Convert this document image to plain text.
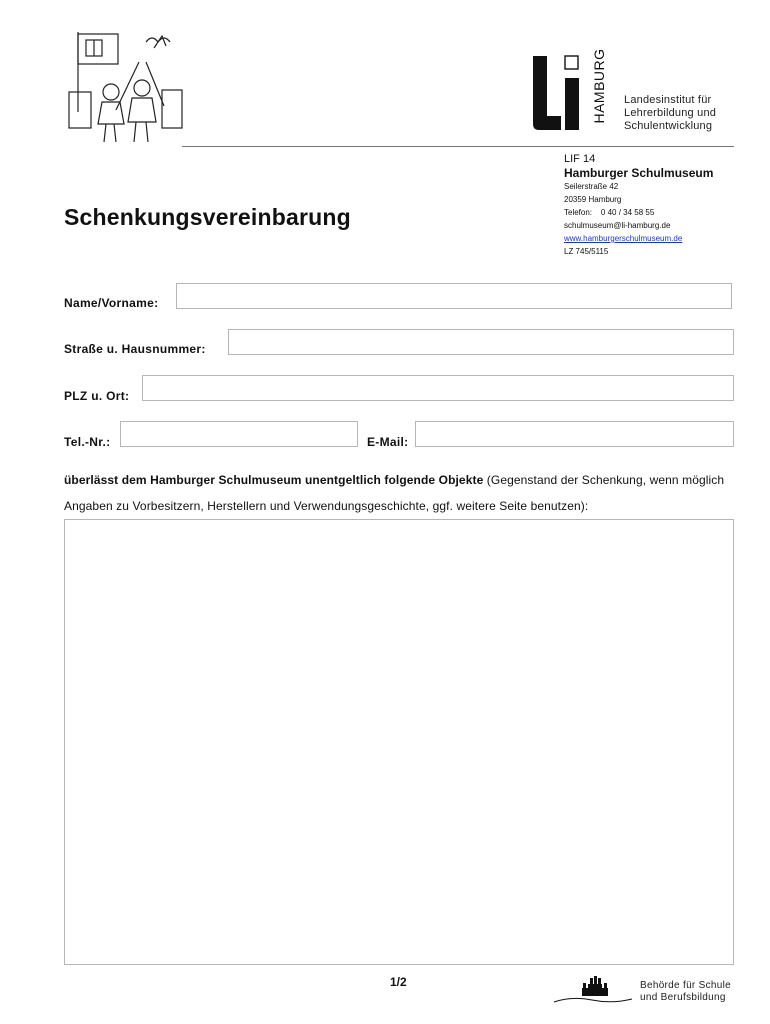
HAMBURG Landesinstitut für
Lehrerbildung und
Schulentwicklung
LIF 14
Hamburger Schulmuseum
Seilerstraße 42
20359 Hamburg
Telefon: 0 40 / 34 58 55
schulmuseum@li-hamburg.de
www.hamburgerschulmuseum.de
LZ 745/5115
Schenkungsvereinbarung
Name/Vorname:
Straße u. Hausnummer:
PLZ u. Ort:
Tel.-Nr.:	E-Mail:
überlässt dem Hamburger Schulmuseum unentgeltlich folgende Objekte (Gegenstand der Schenkung, wenn möglich Angaben zu Vorbesitzern, Herstellern und Verwendungsgeschichte, ggf. weitere Seite benutzen):
1/2	Behörde für Schule
und Berufsbildung
